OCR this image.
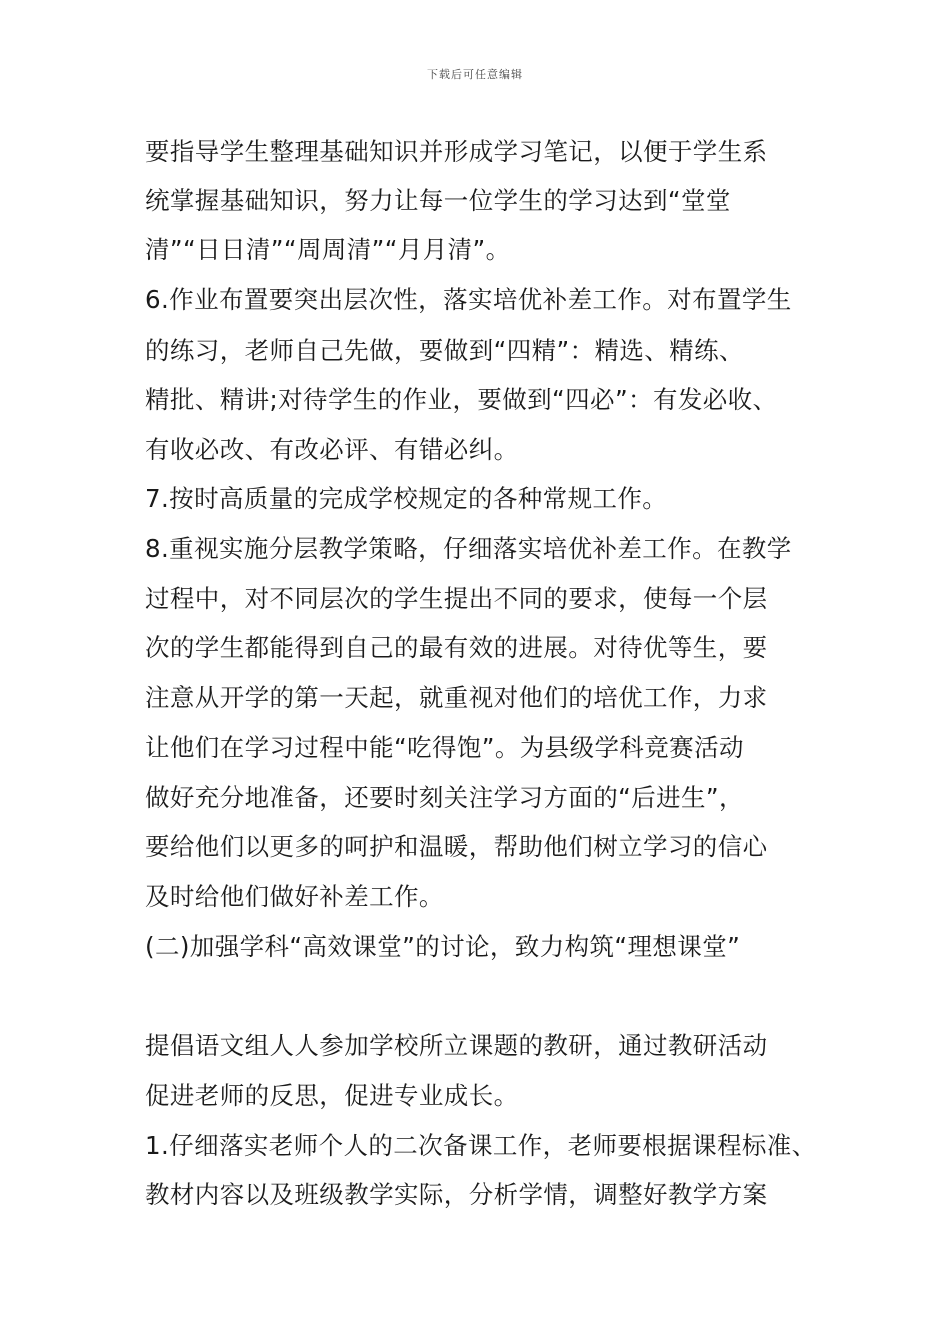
下载后可任意编辑
要指导学生整理基础知识并形成学习笔记，以便于学生系
统掌握基础知识，努力让每一位学生的学习达到“堂堂
清”“日日清”“周周清”“月月清”。
6.作业布置要突出层次性，落实培优补差工作。对布置学生
的练习，老师自己先做，要做到“四精”：精选、精练、
精批、精讲;对待学生的作业，要做到“四必”：有发必收、
有收必改、有改必评、有错必纠。
7.按时高质量的完成学校规定的各种常规工作。
8.重视实施分层教学策略，仔细落实培优补差工作。在教学
过程中，对不同层次的学生提出不同的要求，使每一个层
次的学生都能得到自己的最有效的进展。对待优等生，要
注意从开学的第一天起，就重视对他们的培优工作，力求
让他们在学习过程中能“吃得饱”。为县级学科竞赛活动
做好充分地准备，还要时刻关注学习方面的“后进生”，
要给他们以更多的呵护和温暖，帮助他们树立学习的信心
及时给他们做好补差工作。
(二)加强学科“高效课堂”的讨论，致力构筑“理想课堂”
提倡语文组人人参加学校所立课题的教研，通过教研活动
促进老师的反思，促进专业成长。
1.仔细落实老师个人的二次备课工作，老师要根据课程标准、
教材内容以及班级教学实际，分析学情，调整好教学方案
